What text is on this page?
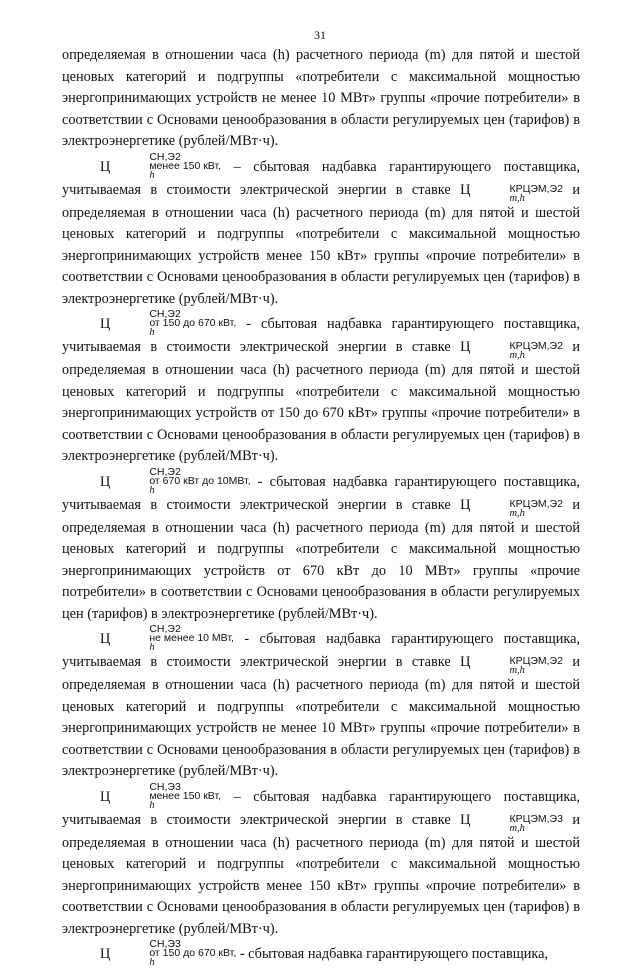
31

определяемая в отношении часа (h) расчетного периода (m) для пятой и шестой ценовых категорий и подгруппы «потребители с максимальной мощностью энергопринимающих устройств не менее 10 МВт» группы «прочие потребители» в соответствии с Основами ценообразования в области регулируемых цен (тарифов) в электроэнергетике (рублей/МВт·ч).

Ц
СН,Э2
менее 150 кВт,
h
– сбытовая надбавка гарантирующего поставщика, учитываемая в стоимости электрической энергии в ставке Ц	КРЦЭМ,Э2
m,h
и определяемая в отношении часа (h) расчетного периода (m) для пятой и шестой ценовых категорий и подгруппы «потребители с максимальной мощностью энергопринимающих устройств менее 150 кВт» группы «прочие потребители» в соответствии с Основами ценообразования в области регулируемых цен (тарифов) в электроэнергетике (рублей/МВт·ч).

Ц
СН,Э2
от 150 до 670 кВт,
h
- сбытовая надбавка гарантирующего поставщика, учитываемая в стоимости электрической энергии в ставке Ц	КРЦЭМ,Э2
m,h
и определяемая в отношении часа (h) расчетного периода (m) для пятой и шестой ценовых категорий и подгруппы «потребители с максимальной мощностью энергопринимающих устройств от 150 до 670 кВт» группы «прочие потребители» в соответствии с Основами ценообразования в области регулируемых цен (тарифов) в электроэнергетике (рублей/МВт·ч).

Ц
СН,Э2
от 670 кВт до 10МВт,
h
- сбытовая надбавка гарантирующего поставщика, учитываемая в стоимости электрической энергии в ставке Ц	КРЦЭМ,Э2
m,h
и определяемая в отношении часа (h) расчетного периода (m) для пятой и шестой ценовых категорий и подгруппы «потребители с максимальной мощностью энергопринимающих устройств от 670 кВт до 10 МВт» группы «прочие потребители» в соответствии с Основами ценообразования в области регулируемых цен (тарифов) в электроэнергетике (рублей/МВт·ч).

Ц
СН,Э2
не менее 10 МВт,
h
- сбытовая надбавка гарантирующего поставщика, учитываемая в стоимости электрической энергии в ставке Ц	КРЦЭМ,Э2
m,h
и определяемая в отношении часа (h) расчетного периода (m) для пятой и шестой ценовых категорий и подгруппы «потребители с максимальной мощностью энергопринимающих устройств не менее 10 МВт» группы «прочие потребители» в соответствии с Основами ценообразования в области регулируемых цен (тарифов) в электроэнергетике (рублей/МВт·ч).

Ц
СН,Э3
менее 150 кВт,
h
– сбытовая надбавка гарантирующего поставщика, учитываемая в стоимости электрической энергии в ставке Ц	КРЦЭМ,Э3
m,h
и определяемая в отношении часа (h) расчетного периода (m) для пятой и шестой ценовых категорий и подгруппы «потребители с максимальной мощностью энергопринимающих устройств менее 150 кВт» группы «прочие потребители» в соответствии с Основами ценообразования в области регулируемых цен (тарифов) в электроэнергетике (рублей/МВт·ч).

Ц
СН,Э3
от 150 до 670 кВт,
h
- сбытовая надбавка гарантирующего поставщика,
